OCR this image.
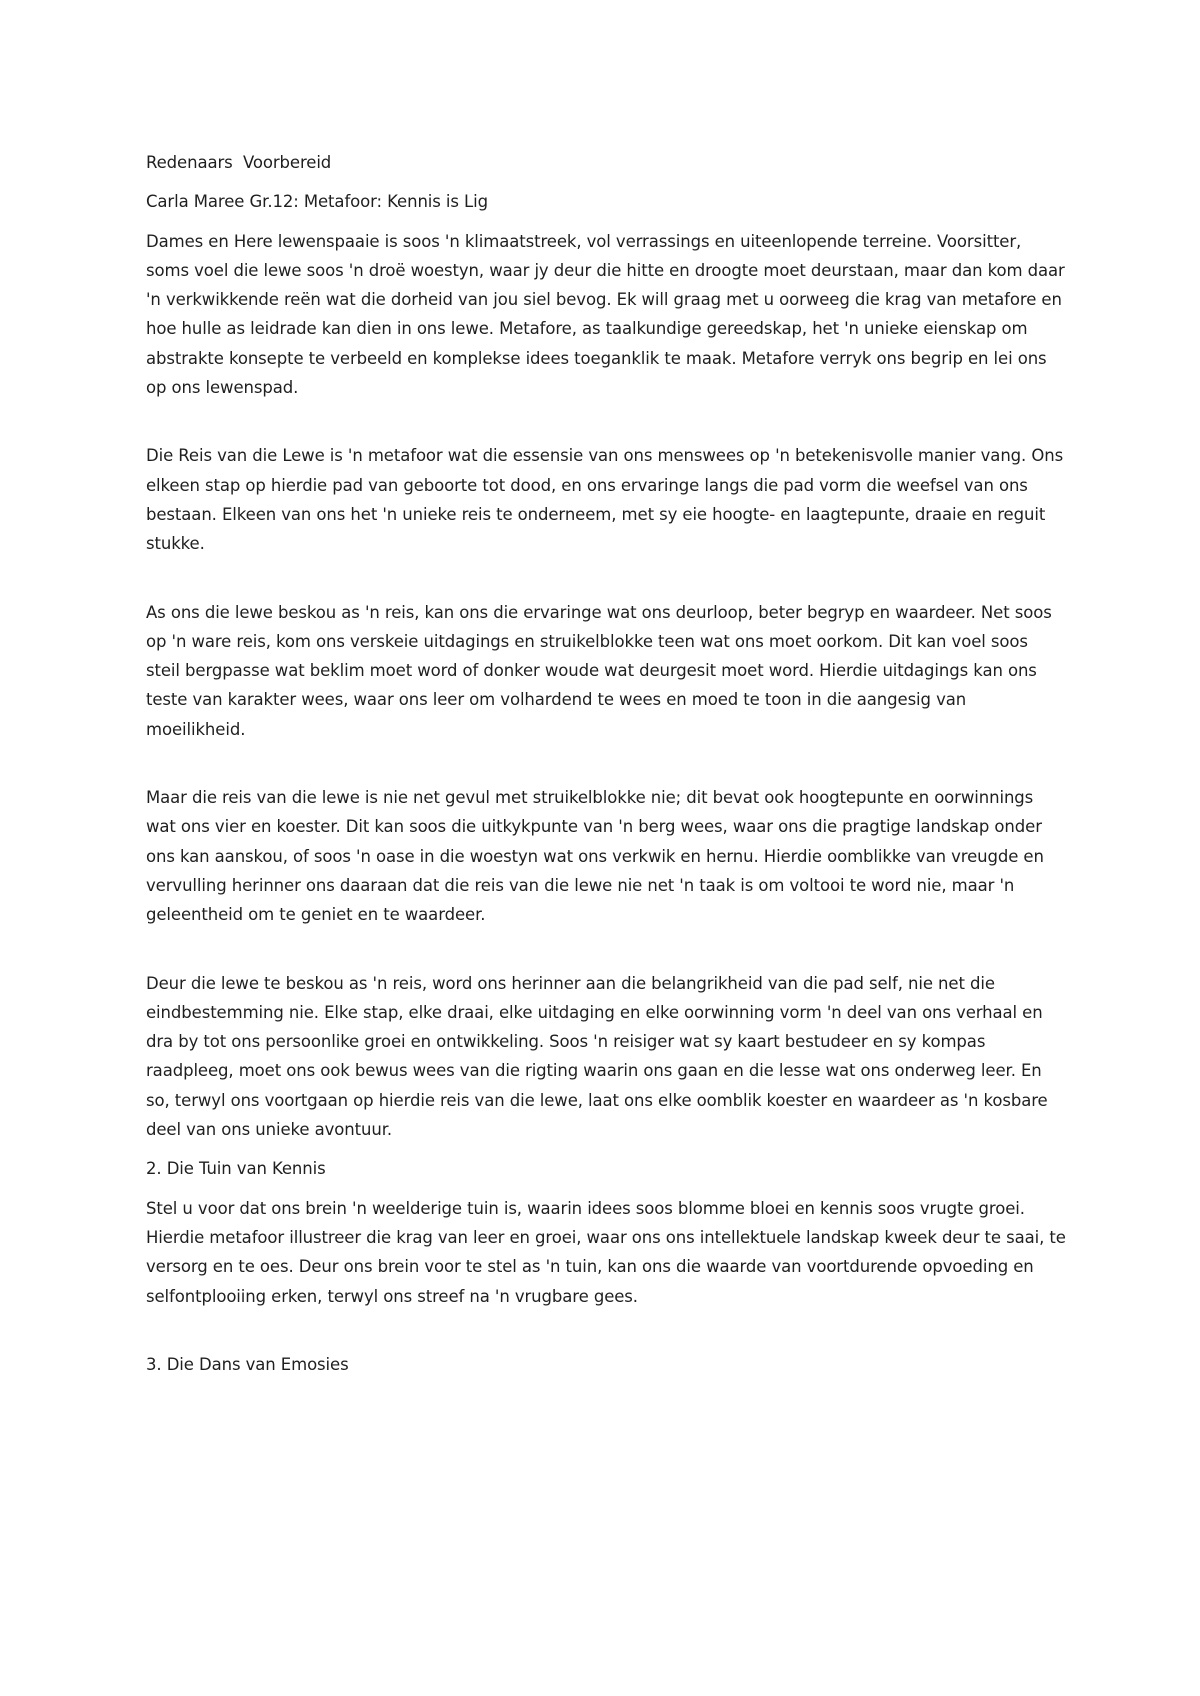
Redenaars  Voorbereid

Carla Maree Gr.12: Metafoor: Kennis is Lig

Dames en Here lewenspaaie is soos 'n klimaatstreek, vol verrassings en uiteenlopende terreine. Voorsitter, soms voel die lewe soos 'n droë woestyn, waar jy deur die hitte en droogte moet deurstaan, maar dan kom daar 'n verkwikkende reën wat die dorheid van jou siel bevog. Ek will graag met u oorweeg die krag van metafore en hoe hulle as leidrade kan dien in ons lewe. Metafore, as taalkundige gereedskap, het 'n unieke eienskap om abstrakte konsepte te verbeeld en komplekse idees toeganklik te maak. Metafore verryk ons begrip en lei ons op ons lewenspad.

Die Reis van die Lewe is 'n metafoor wat die essensie van ons menswees op 'n betekenisvolle manier vang. Ons elkeen stap op hierdie pad van geboorte tot dood, en ons ervaringe langs die pad vorm die weefsel van ons bestaan. Elkeen van ons het 'n unieke reis te onderneem, met sy eie hoogte- en laagtepunte, draaie en reguit stukke.

As ons die lewe beskou as 'n reis, kan ons die ervaringe wat ons deurloop, beter begryp en waardeer. Net soos op 'n ware reis, kom ons verskeie uitdagings en struikelblokke teen wat ons moet oorkom. Dit kan voel soos steil bergpasse wat beklim moet word of donker woude wat deurgesit moet word. Hierdie uitdagings kan ons teste van karakter wees, waar ons leer om volhardend te wees en moed te toon in die aangesig van moeilikheid.

Maar die reis van die lewe is nie net gevul met struikelblokke nie; dit bevat ook hoogtepunte en oorwinnings wat ons vier en koester. Dit kan soos die uitkykpunte van 'n berg wees, waar ons die pragtige landskap onder ons kan aanskou, of soos 'n oase in die woestyn wat ons verkwik en hernu. Hierdie oomblikke van vreugde en vervulling herinner ons daaraan dat die reis van die lewe nie net 'n taak is om voltooi te word nie, maar 'n geleentheid om te geniet en te waardeer.

Deur die lewe te beskou as 'n reis, word ons herinner aan die belangrikheid van die pad self, nie net die eindbestemming nie. Elke stap, elke draai, elke uitdaging en elke oorwinning vorm 'n deel van ons verhaal en dra by tot ons persoonlike groei en ontwikkeling. Soos 'n reisiger wat sy kaart bestudeer en sy kompas raadpleeg, moet ons ook bewus wees van die rigting waarin ons gaan en die lesse wat ons onderweg leer. En so, terwyl ons voortgaan op hierdie reis van die lewe, laat ons elke oomblik koester en waardeer as 'n kosbare deel van ons unieke avontuur.

2. Die Tuin van Kennis

Stel u voor dat ons brein 'n weelderige tuin is, waarin idees soos blomme bloei en kennis soos vrugte groei. Hierdie metafoor illustreer die krag van leer en groei, waar ons ons intellektuele landskap kweek deur te saai, te versorg en te oes. Deur ons brein voor te stel as 'n tuin, kan ons die waarde van voortdurende opvoeding en selfontplooiing erken, terwyl ons streef na 'n vrugbare gees.

3. Die Dans van Emosies
